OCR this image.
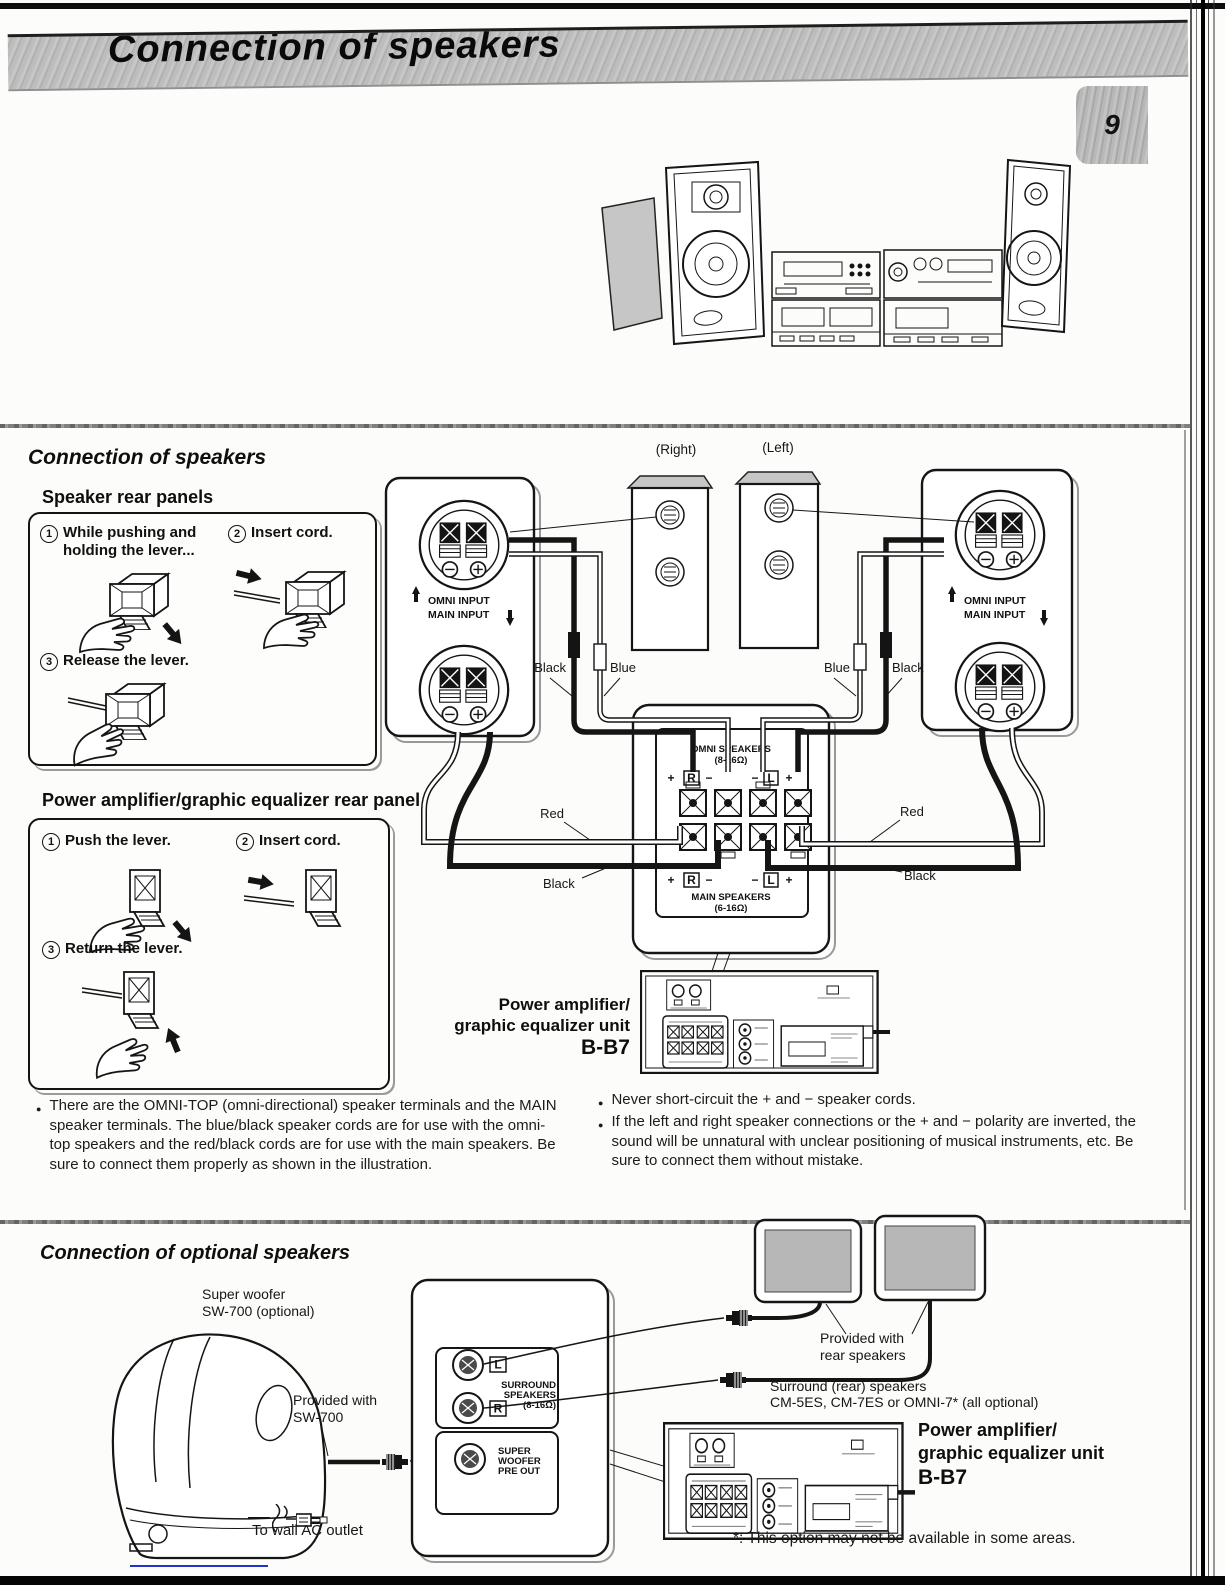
Connection of speakers
9
Connection of speakers
Speaker rear panels
1 While pushing and holding the lever...
2 Insert cord.
3 Release the lever.
Power amplifier/graphic equalizer rear panel
1 Push the lever.	2 Insert cord.
3 Return the lever.
(Right)	(Left)
OMNI INPUT
MAIN INPUT
OMNI INPUT
MAIN INPUT
OMNI SPEAKERS
(8-16Ω)
+ R −	− L +
+ R −	− L +
MAIN SPEAKERS
(6-16Ω)
Black	Blue	Blue	Black
Red
Black
Red
Black
Power amplifier/
graphic equalizer unit
B-B7
● There are the OMNI-TOP (omni-directional) speaker terminals and the MAIN speaker terminals. The blue/black speaker cords are for use with the omni-top speakers and the red/black cords are for use with the main speakers. Be sure to connect them properly as shown in the illustration.
● Never short-circuit the + and − speaker cords.
● If the left and right speaker connections or the + and − polarity are inverted, the sound will be unnatural with unclear positioning of musical instruments, etc. Be sure to connect them without mistake.
Connection of optional speakers
L
R
SURROUND
SPEAKERS
(8-16Ω)
SUPER
WOOFER
PRE OUT
Super woofer
SW-700 (optional)
Provided with
SW-700
Provided with
rear speakers
Surround (rear) speakers
CM-5ES, CM-7ES or OMNI-7* (all optional)
Power amplifier/
graphic equalizer unit
B-B7
To wall AC outlet	*: This option may not be available in some areas.
